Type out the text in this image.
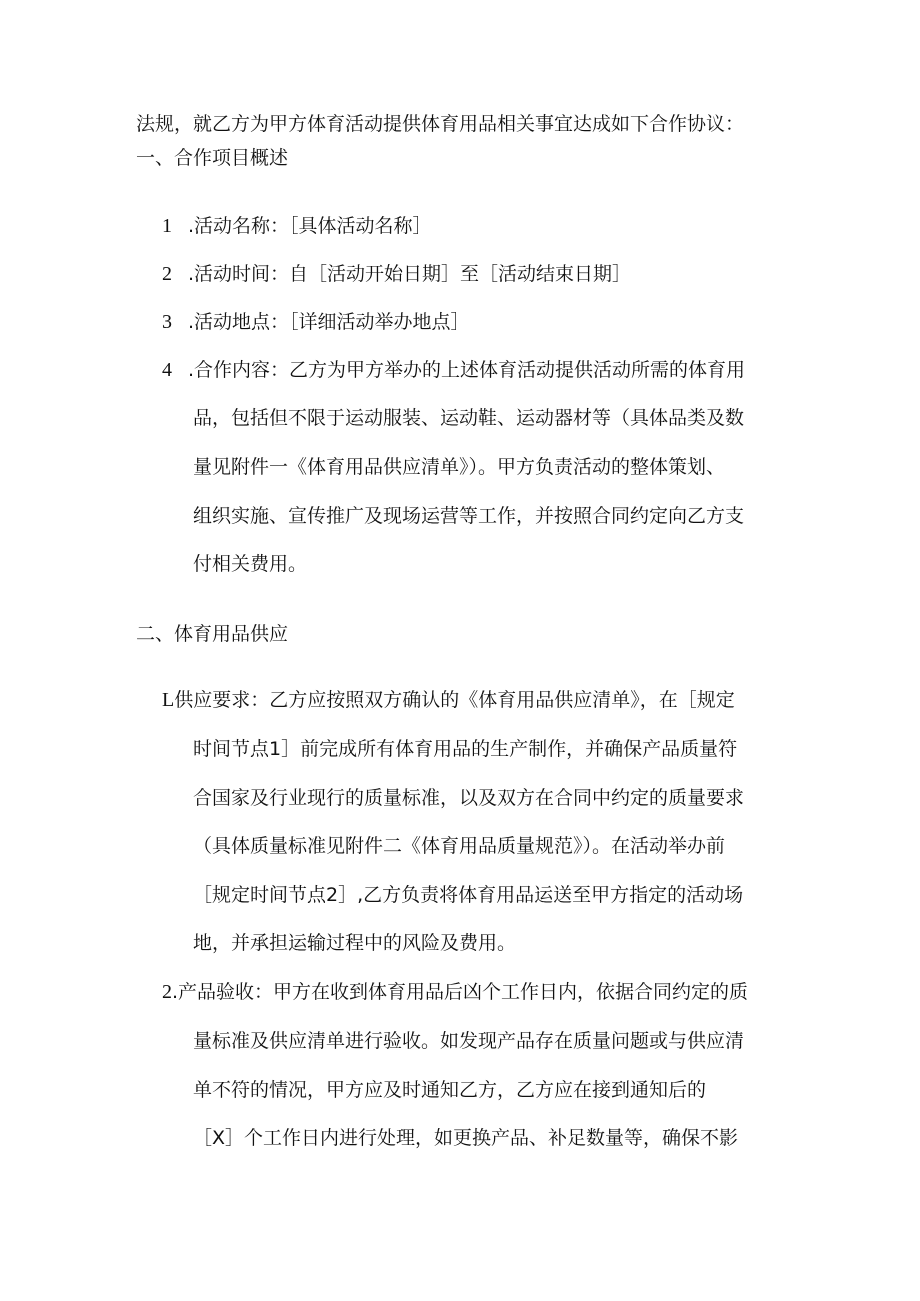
法规，就乙方为甲方体育活动提供体育用品相关事宜达成如下合作协议：

一、合作项目概述

1 .活动名称：［具体活动名称］

2 .活动时间：自［活动开始日期］至［活动结束日期］

3 .活动地点：［详细活动举办地点］

4 .合作内容：乙方为甲方举办的上述体育活动提供活动所需的体育用

品，包括但不限于运动服装、运动鞋、运动器材等（具体品类及数

量见附件一《体育用品供应清单》）。甲方负责活动的整体策划、

组织实施、宣传推广及现场运营等工作，并按照合同约定向乙方支

付相关费用。

二、体育用品供应

L供应要求：乙方应按照双方确认的《体育用品供应清单》，在［规定

时间节点1］前完成所有体育用品的生产制作，并确保产品质量符

合国家及行业现行的质量标准，以及双方在合同中约定的质量要求

（具体质量标准见附件二《体育用品质量规范》）。在活动举办前

［规定时间节点2］,乙方负责将体育用品运送至甲方指定的活动场

地，并承担运输过程中的风险及费用。

2.产品验收：甲方在收到体育用品后凶个工作日内，依据合同约定的质

量标准及供应清单进行验收。如发现产品存在质量问题或与供应清

单不符的情况，甲方应及时通知乙方，乙方应在接到通知后的

［X］个工作日内进行处理，如更换产品、补足数量等，确保不影
